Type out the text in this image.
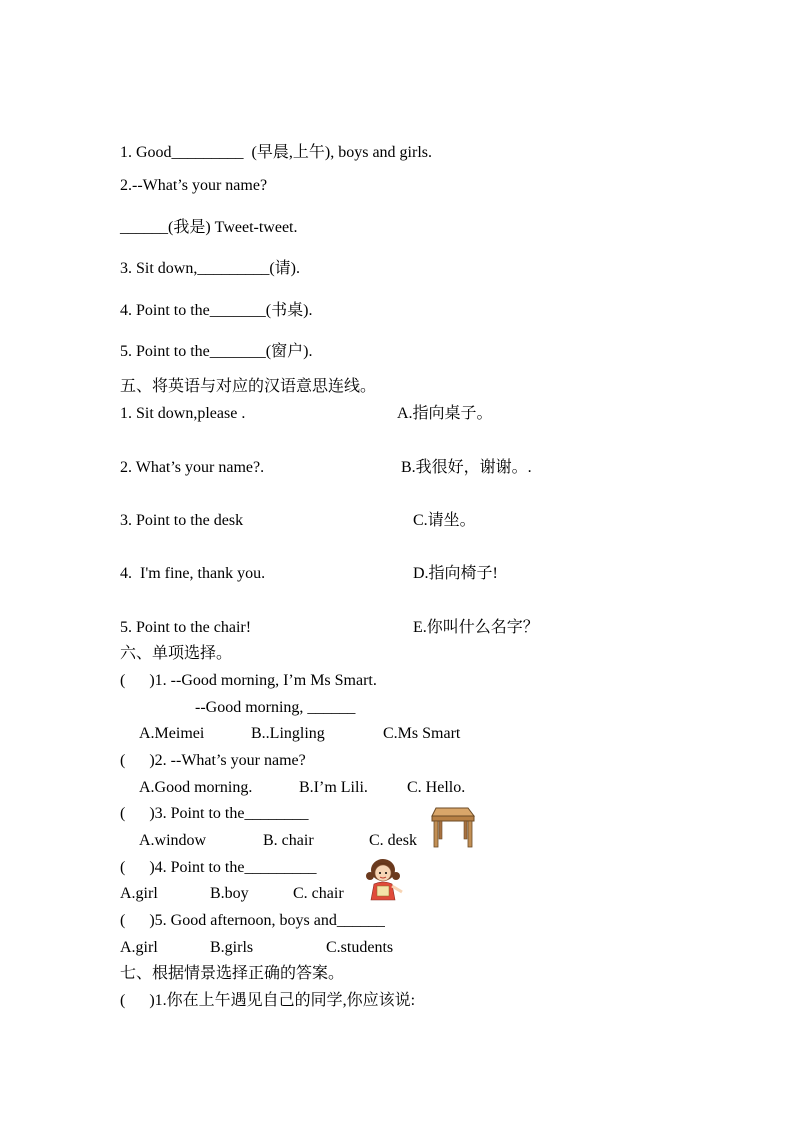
1. Good_________  (早晨,上午), boys and girls.
2.--What’s your name?
______(我是) Tweet-tweet.
3. Sit down,_________(请).
4. Point to the_______(书桌).
5. Point to the_______(窗户).
五、将英语与对应的汉语意思连线。
1. Sit down,please .	A.指向桌子。
2. What’s your name?.	B.我很好，谢谢。.
3. Point to the desk	C.请坐。
4.  I'm fine, thank you.	D.指向椅子!
5. Point to the chair!	E.你叫什么名字？
六、单项选择。
(      )1. --Good morning, I’m Ms Smart.
--Good morning, ______
A.Meimei	B..Lingling	C.Ms Smart
(      )2. --What’s your name?
A.Good morning.	B.I’m Lili. C. Hello.
(      )3. Point to the________
A.window	B. chair	C. desk
(      )4. Point to the_________
A.girl	B.boy	C. chair
(      )5. Good afternoon, boys and______
A.girl	B.girls	C.students
七、根据情景选择正确的答案。
(      )1.你在上午遇见自己的同学,你应该说:
